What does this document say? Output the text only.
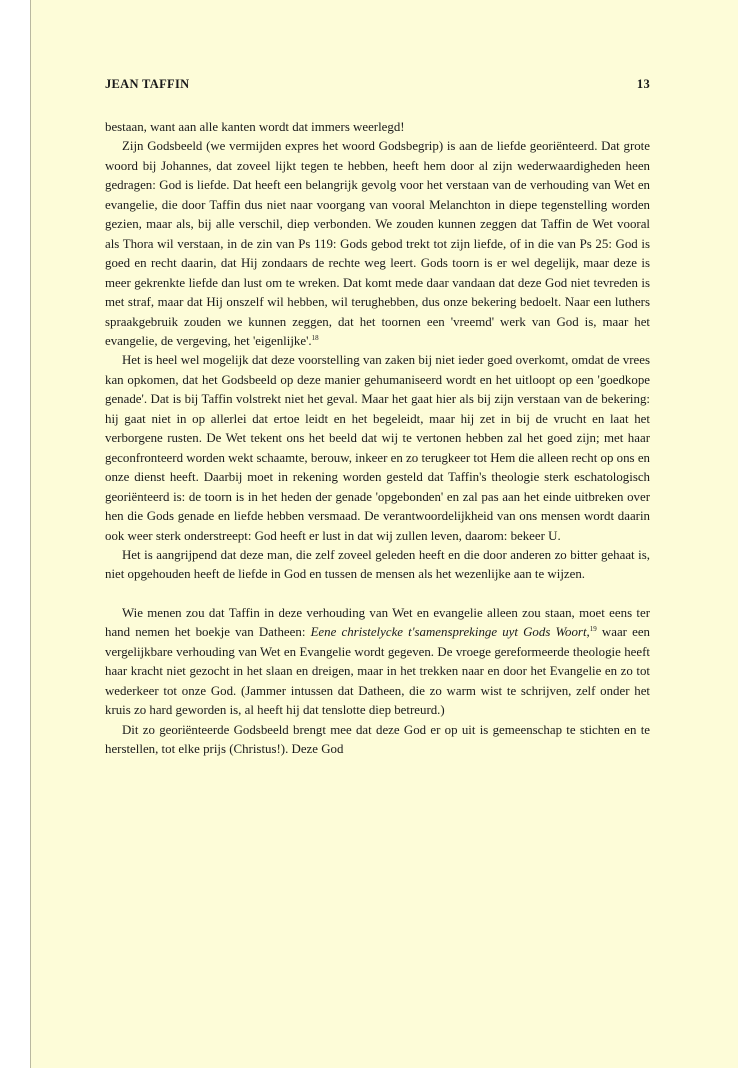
JEAN TAFFIN	13

bestaan, want aan alle kanten wordt dat immers weerlegd!

Zijn Godsbeeld (we vermijden expres het woord Godsbegrip) is aan de liefde georiënteerd. Dat grote woord bij Johannes, dat zoveel lijkt tegen te hebben, heeft hem door al zijn wederwaardigheden heen gedragen: God is liefde. Dat heeft een belangrijk gevolg voor het verstaan van de verhouding van Wet en evangelie, die door Taffin dus niet naar voorgang van vooral Melanchton in diepe tegenstelling worden gezien, maar als, bij alle verschil, diep verbonden. We zouden kunnen zeggen dat Taffin de Wet vooral als Thora wil verstaan, in de zin van Ps 119: Gods gebod trekt tot zijn liefde, of in die van Ps 25: God is goed en recht daarin, dat Hij zondaars de rechte weg leert. Gods toorn is er wel degelijk, maar deze is meer gekrenkte liefde dan lust om te wreken. Dat komt mede daar vandaan dat deze God niet tevreden is met straf, maar dat Hij onszelf wil hebben, wil terughebben, dus onze bekering bedoelt. Naar een luthers spraakgebruik zouden we kunnen zeggen, dat het toornen een 'vreemd' werk van God is, maar het evangelie, de vergeving, het 'eigenlijke'.$^{18}$

Het is heel wel mogelijk dat deze voorstelling van zaken bij niet ieder goed overkomt, omdat de vrees kan opkomen, dat het Godsbeeld op deze manier gehumaniseerd wordt en het uitloopt op een 'goedkope genade'. Dat is bij Taffin volstrekt niet het geval. Maar het gaat hier als bij zijn verstaan van de bekering: hij gaat niet in op allerlei dat ertoe leidt en het begeleidt, maar hij zet in bij de vrucht en laat het verborgene rusten. De Wet tekent ons het beeld dat wij te vertonen hebben zal het goed zijn; met haar geconfronteerd worden wekt schaamte, berouw, inkeer en zo terugkeer tot Hem die alleen recht op ons en onze dienst heeft. Daarbij moet in rekening worden gesteld dat Taffin's theologie sterk eschatologisch georiënteerd is: de toorn is in het heden der genade 'opgebonden' en zal pas aan het einde uitbreken over hen die Gods genade en liefde hebben versmaad. De verantwoordelijkheid van ons mensen wordt daarin ook weer sterk onderstreept: God heeft er lust in dat wij zullen leven, daarom: bekeer U.

Het is aangrijpend dat deze man, die zelf zoveel geleden heeft en die door anderen zo bitter gehaat is, niet opgehouden heeft de liefde in God en tussen de mensen als het wezenlijke aan te wijzen.

Wie menen zou dat Taffin in deze verhouding van Wet en evangelie alleen zou staan, moet eens ter hand nemen het boekje van Datheen: Eene christelycke t'samensprekinge uyt Gods Woort,$^{19}$ waar een vergelijkbare verhouding van Wet en Evangelie wordt gegeven. De vroege gereformeerde theologie heeft haar kracht niet gezocht in het slaan en dreigen, maar in het trekken naar en door het Evangelie en zo tot wederkeer tot onze God. (Jammer intussen dat Datheen, die zo warm wist te schrijven, zelf onder het kruis zo hard geworden is, al heeft hij dat tenslotte diep betreurd.)

Dit zo georiënteerde Godsbeeld brengt mee dat deze God er op uit is gemeenschap te stichten en te herstellen, tot elke prijs (Christus!). Deze God
